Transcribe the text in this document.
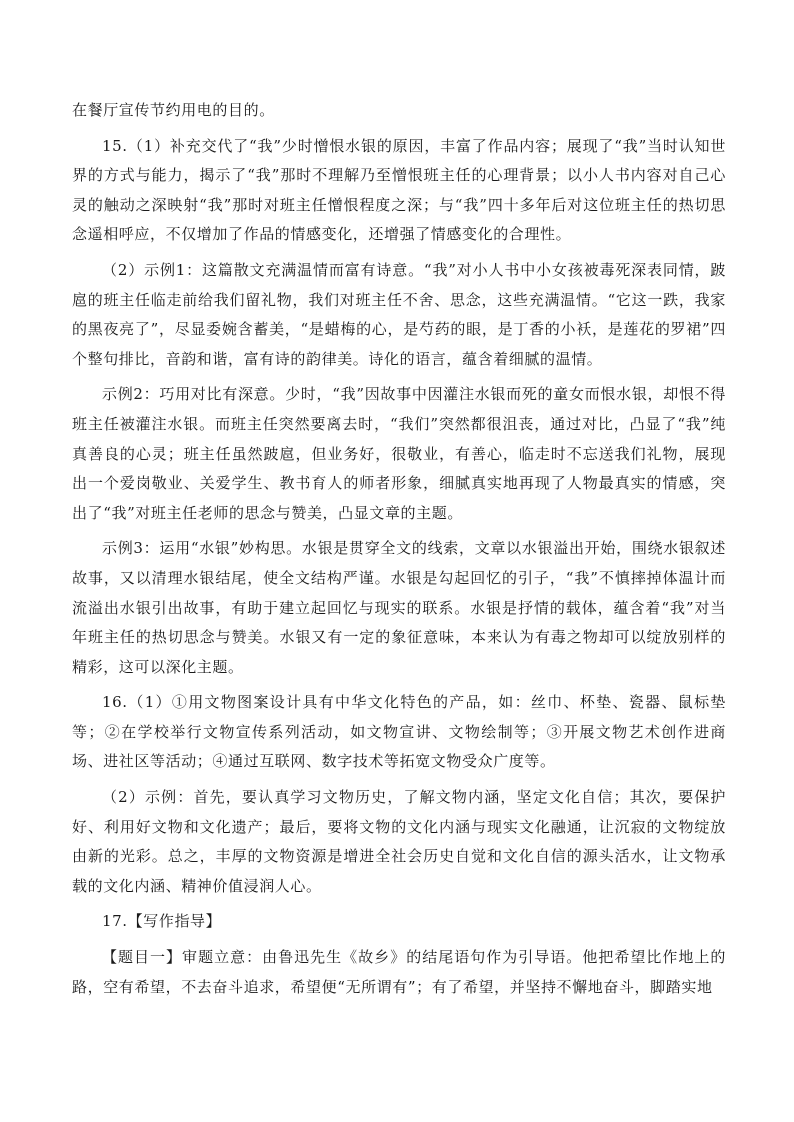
在餐厅宣传节约用电的目的。

15.（1）补充交代了“我”少时憎恨水银的原因，丰富了作品内容；展现了“我”当时认知世界的方式与能力，揭示了“我”那时不理解乃至憎恨班主任的心理背景；以小人书内容对自己心灵的触动之深映射“我”那时对班主任憎恨程度之深；与“我”四十多年后对这位班主任的热切思念遥相呼应，不仅增加了作品的情感变化，还增强了情感变化的合理性。

（2）示例1：这篇散文充满温情而富有诗意。“我”对小人书中小女孩被毒死深表同情，跛扈的班主任临走前给我们留礼物，我们对班主任不舍、思念，这些充满温情。“它这一跌，我家的黑夜亮了”，尽显委婉含蓄美，“是蜡梅的心，是芍药的眼，是丁香的小袄，是莲花的罗裙”四个整句排比，音韵和谐，富有诗的韵律美。诗化的语言，蕴含着细腻的温情。

示例2：巧用对比有深意。少时，“我”因故事中因灌注水银而死的童女而恨水银，却恨不得班主任被灌注水银。而班主任突然要离去时，“我们”突然都很沮丧，通过对比，凸显了“我”纯真善良的心灵；班主任虽然跛扈，但业务好，很敬业，有善心，临走时不忘送我们礼物，展现出一个爱岗敬业、关爱学生、教书育人的师者形象，细腻真实地再现了人物最真实的情感，突出了“我”对班主任老师的思念与赞美，凸显文章的主题。

示例3：运用“水银”妙构思。水银是贯穿全文的线索，文章以水银溢出开始，围绕水银叙述故事，又以清理水银结尾，使全文结构严谨。水银是勾起回忆的引子，“我”不慎摔掉体温计而流溢出水银引出故事，有助于建立起回忆与现实的联系。水银是抒情的载体，蕴含着“我”对当年班主任的热切思念与赞美。水银又有一定的象征意味，本来认为有毒之物却可以绽放别样的精彩，这可以深化主题。

16.（1）①用文物图案设计具有中华文化特色的产品，如：丝巾、杯垫、瓷器、鼠标垫等；②在学校举行文物宣传系列活动，如文物宣讲、文物绘制等；③开展文物艺术创作进商场、进社区等活动；④通过互联网、数字技术等拓宽文物受众广度等。

（2）示例：首先，要认真学习文物历史，了解文物内涵，坚定文化自信；其次，要保护好、利用好文物和文化遗产；最后，要将文物的文化内涵与现实文化融通，让沉寂的文物绽放由新的光彩。总之，丰厚的文物资源是增进全社会历史自觉和文化自信的源头活水，让文物承载的文化内涵、精神价值浸润人心。

17.【写作指导】

【题目一】审题立意：由鲁迅先生《故乡》的结尾语句作为引导语。他把希望比作地上的路，空有希望，不去奋斗追求，希望便“无所谓有”；有了希望，并坚持不懈地奋斗，脚踏实地
